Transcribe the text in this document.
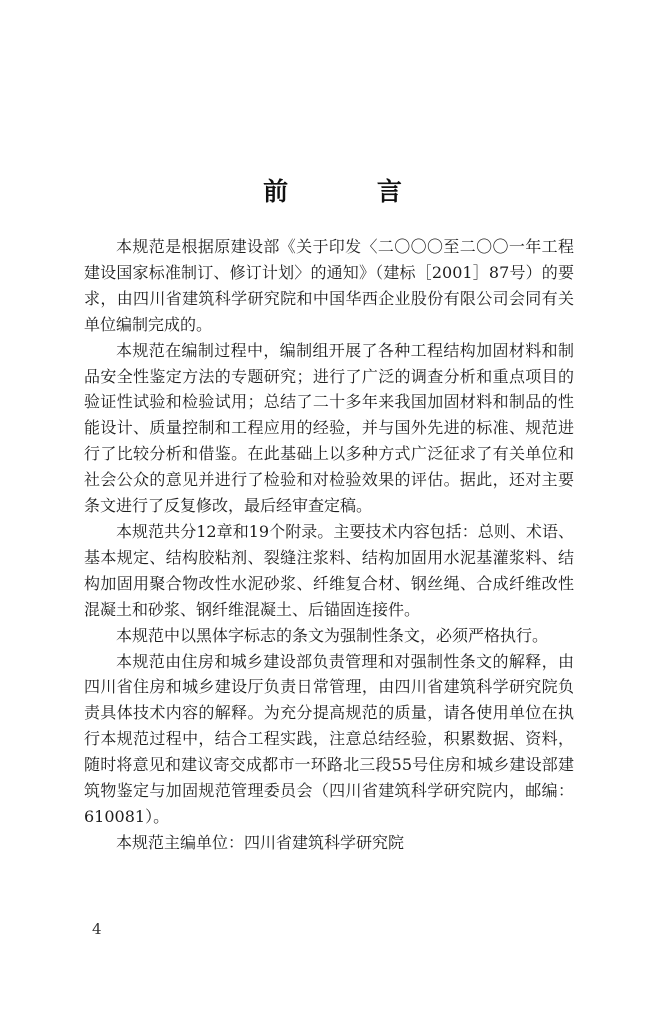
前 言

本规范是根据原建设部《关于印发〈二〇〇〇至二〇〇一年工程建设国家标准制订、修订计划〉的通知》（建标［2001］87号）的要求，由四川省建筑科学研究院和中国华西企业股份有限公司会同有关单位编制完成的。

本规范在编制过程中，编制组开展了各种工程结构加固材料和制品安全性鉴定方法的专题研究；进行了广泛的调查分析和重点项目的验证性试验和检验试用；总结了二十多年来我国加固材料和制品的性能设计、质量控制和工程应用的经验，并与国外先进的标准、规范进行了比较分析和借鉴。在此基础上以多种方式广泛征求了有关单位和社会公众的意见并进行了检验和对检验效果的评估。据此，还对主要条文进行了反复修改，最后经审查定稿。

本规范共分12章和19个附录。主要技术内容包括：总则、术语、基本规定、结构胶粘剂、裂缝注浆料、结构加固用水泥基灌浆料、结构加固用聚合物改性水泥砂浆、纤维复合材、钢丝绳、合成纤维改性混凝土和砂浆、钢纤维混凝土、后锚固连接件。

本规范中以黑体字标志的条文为强制性条文，必须严格执行。

本规范由住房和城乡建设部负责管理和对强制性条文的解释，由四川省住房和城乡建设厅负责日常管理，由四川省建筑科学研究院负责具体技术内容的解释。为充分提高规范的质量，请各使用单位在执行本规范过程中，结合工程实践，注意总结经验，积累数据、资料，随时将意见和建议寄交成都市一环路北三段55号住房和城乡建设部建筑物鉴定与加固规范管理委员会（四川省建筑科学研究院内，邮编：610081）。

本规范主编单位：四川省建筑科学研究院

4
